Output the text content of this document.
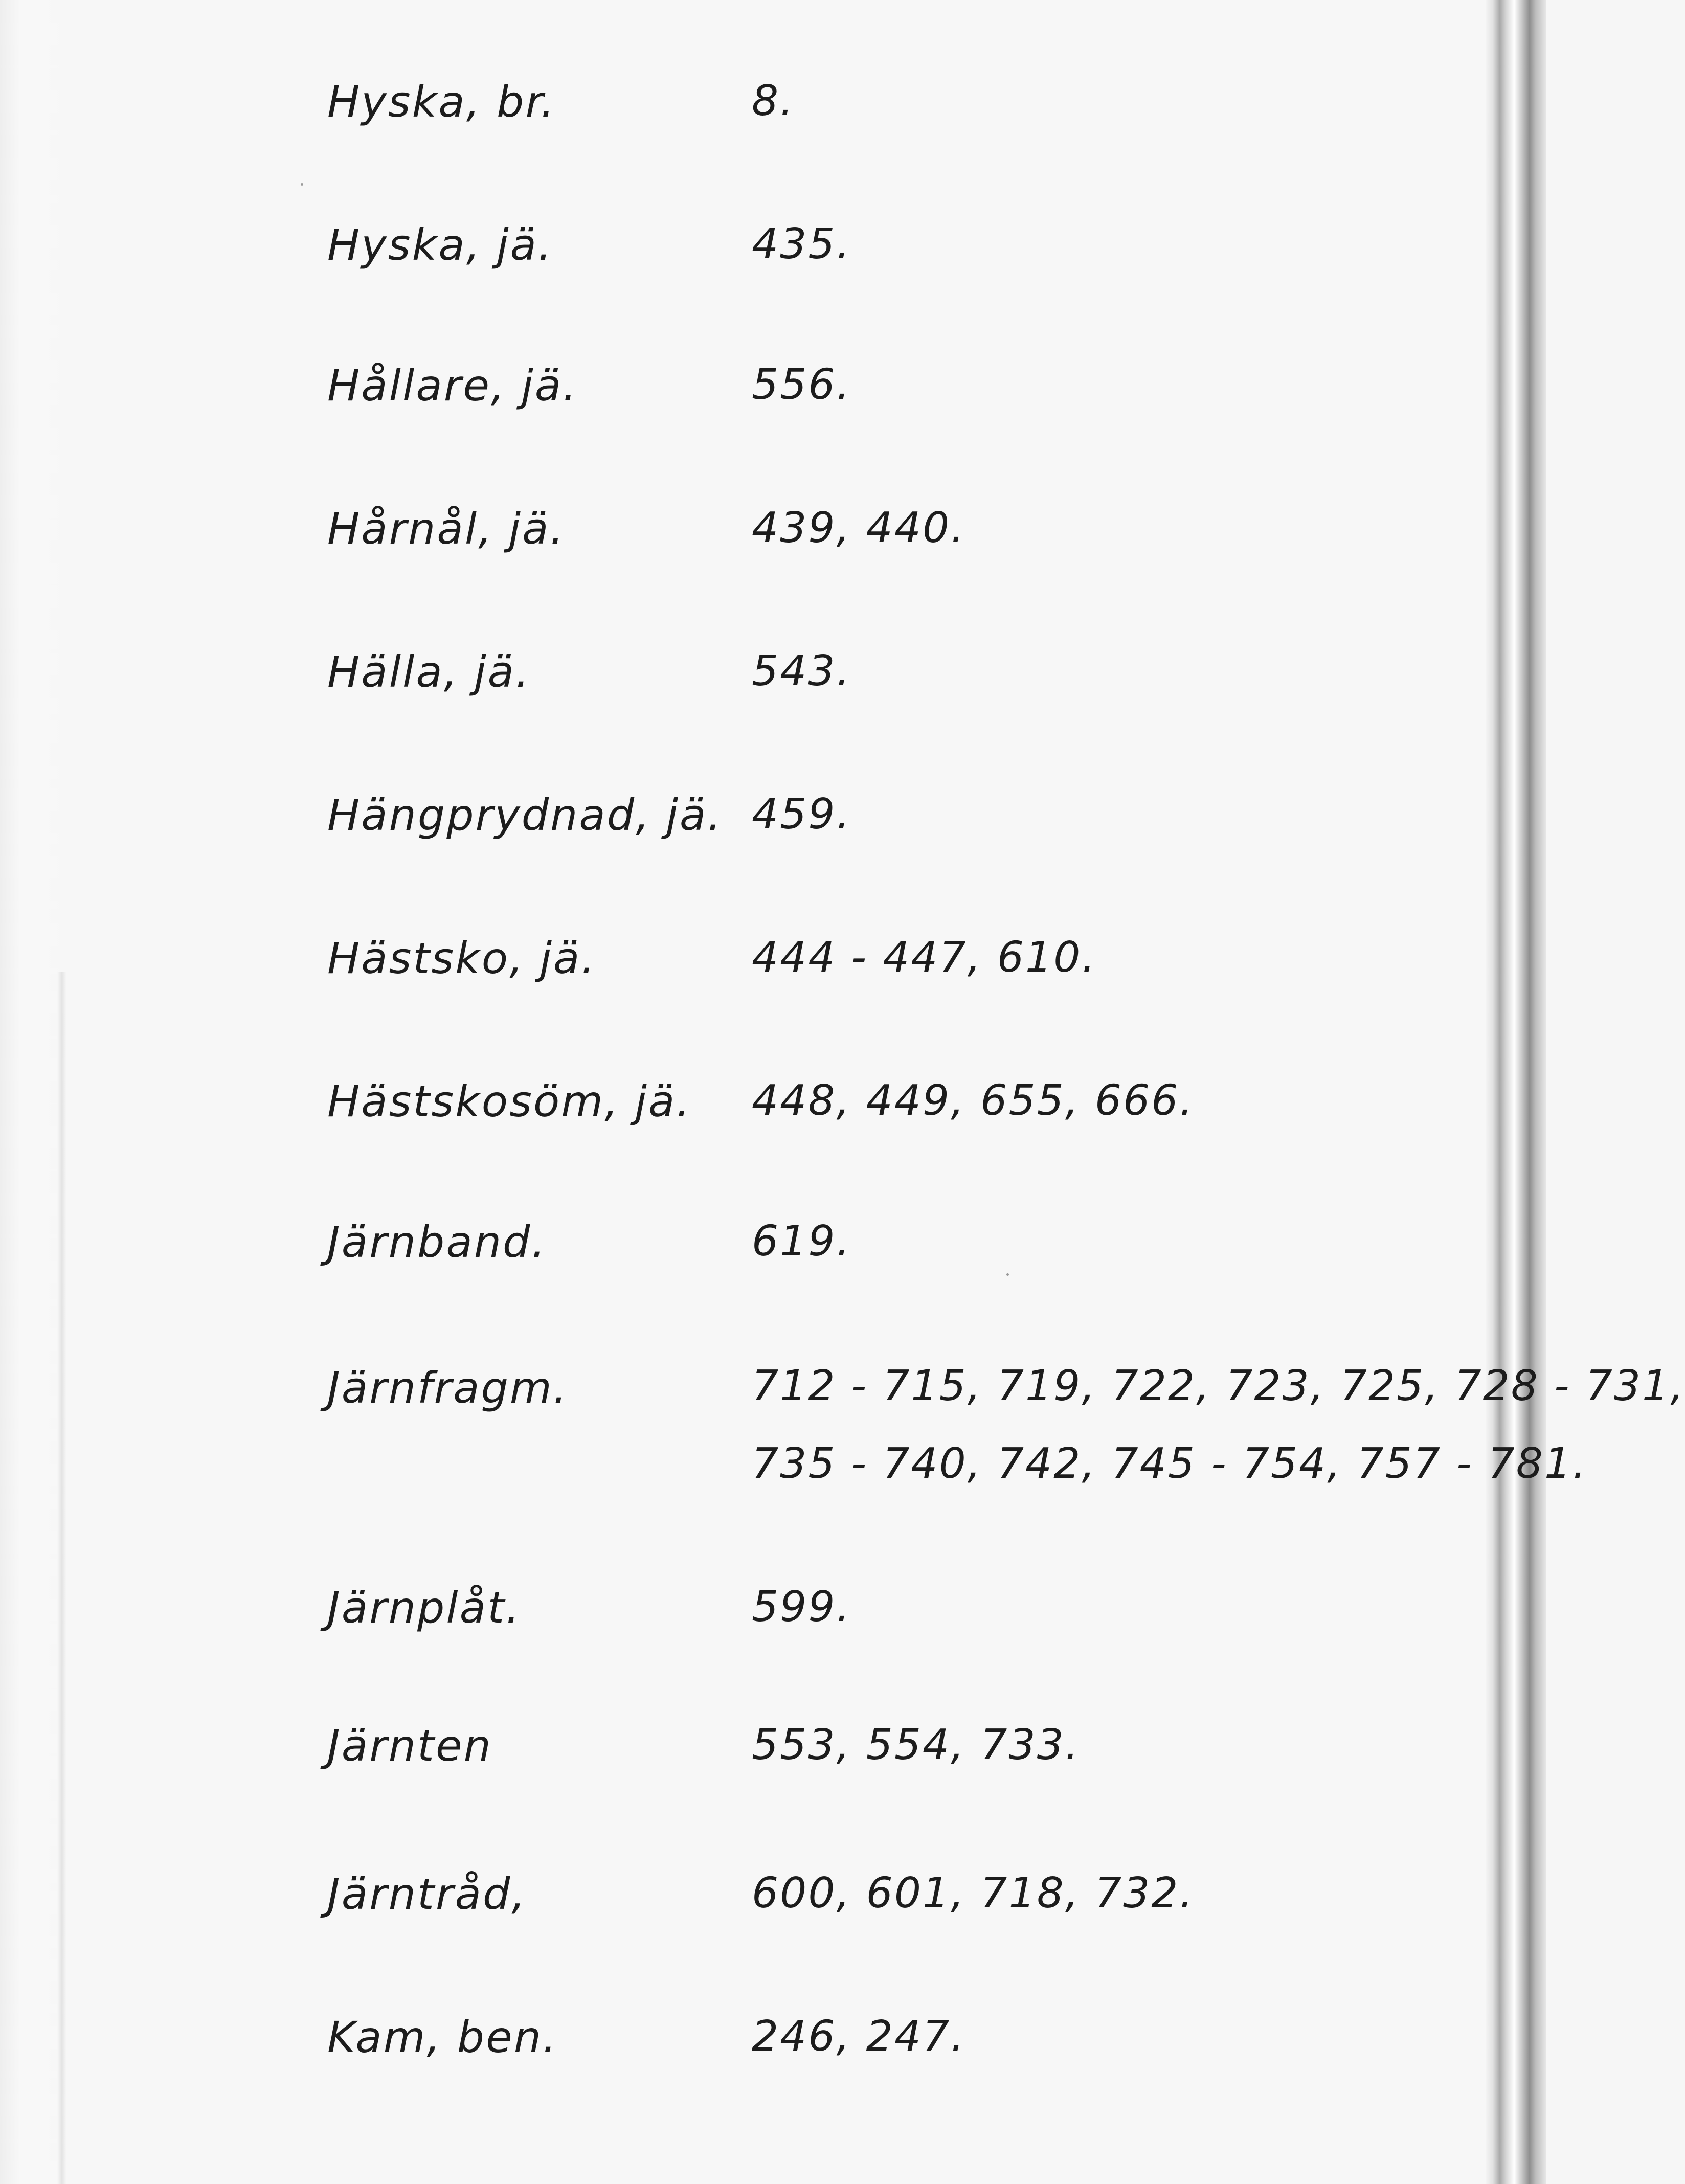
Hyska, br.	8.
Hyska, jä.	435.
Hållare, jä.	556.
Hårnål, jä.	439, 440.
Hälla, jä.	543.
Hängprydnad, jä. 459.
Hästsko, jä.	444 - 447, 610.
Hästskosöm, jä. 448, 449, 655, 666.
Järnband.	619.
Järnfragm.	712 - 715, 719, 722, 723, 725, 728 - 731,
735 - 740, 742, 745 - 754, 757 - 781.
Järnplåt.	599.
Järnten	553, 554, 733.
Järntråd,	600, 601, 718, 732.
Kam, ben.	246, 247.
